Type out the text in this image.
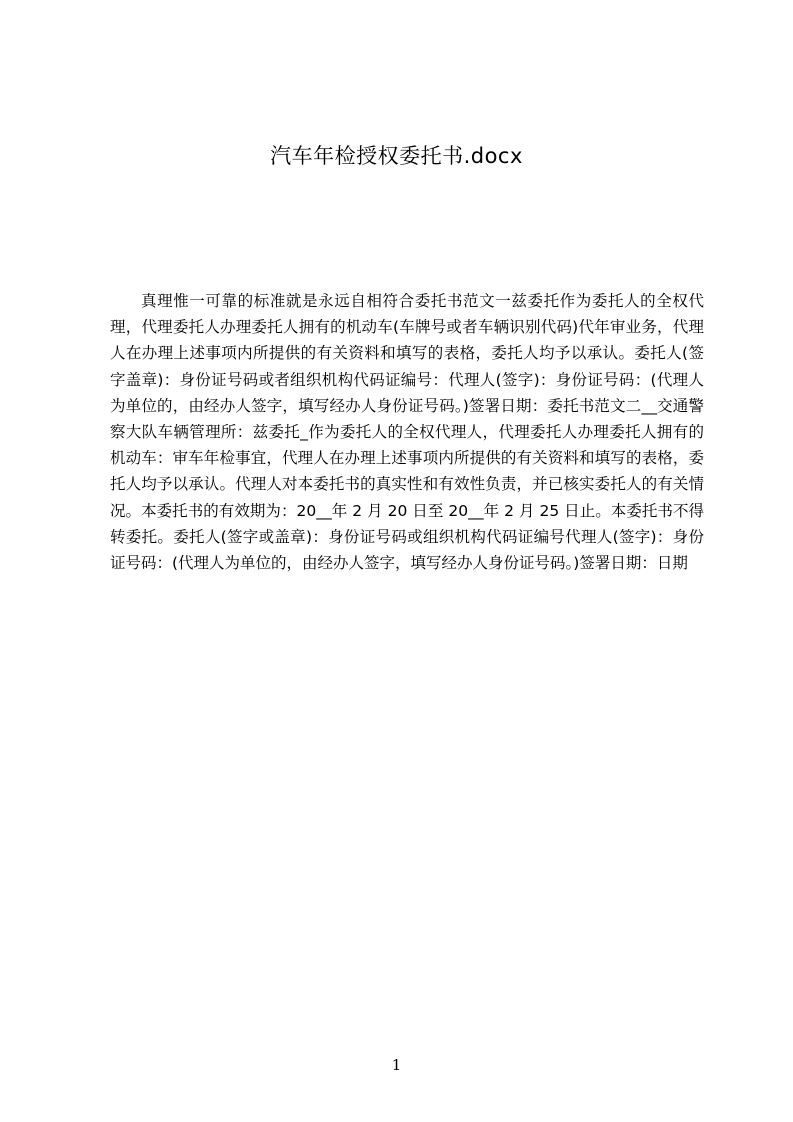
汽车年检授权委托书.docx

真理惟一可靠的标准就是永远自相符合委托书范文一兹委托作为委托人的全权代理，代理委托人办理委托人拥有的机动车(车牌号或者车辆识别代码)代年审业务，代理人在办理上述事项内所提供的有关资料和填写的表格，委托人均予以承认。委托人(签字盖章)：身份证号码或者组织机构代码证编号：代理人(签字)：身份证号码：(代理人为单位的，由经办人签字，填写经办人身份证号码。)签署日期：委托书范文二__交通警察大队车辆管理所：兹委托_作为委托人的全权代理人，代理委托人办理委托人拥有的机动车：审车年检事宜，代理人在办理上述事项内所提供的有关资料和填写的表格，委托人均予以承认。代理人对本委托书的真实性和有效性负责，并已核实委托人的有关情况。本委托书的有效期为：20__年 2 月 20 日至 20__年 2 月 25 日止。本委托书不得转委托。委托人(签字或盖章)：身份证号码或组织机构代码证编号代理人(签字)：身份证号码：(代理人为单位的，由经办人签字，填写经办人身份证号码。)签署日期：日期

1
